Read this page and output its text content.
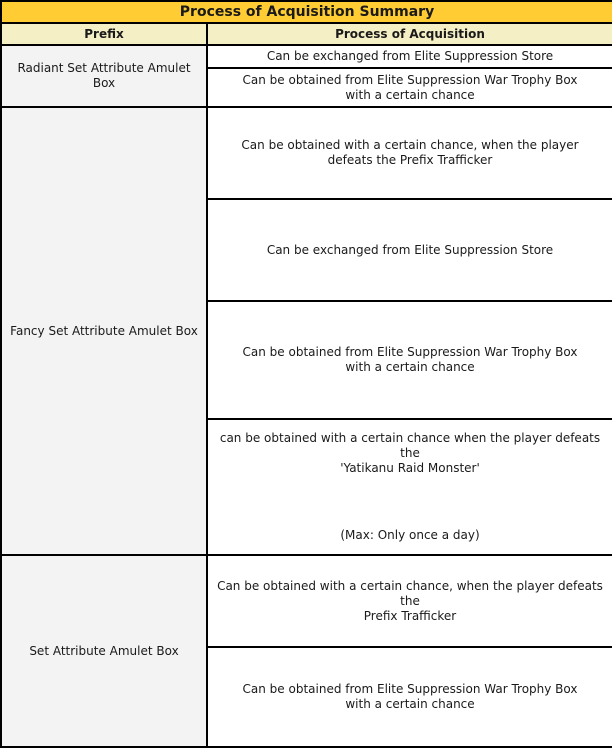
Process of Acquisition Summary	
Prefix	Process of Acquisition
Radiant Set Attribute Amulet Box	Can be exchanged from Elite Suppression Store
	Can be obtained from Elite Suppression War Trophy Box
with a certain chance
Fancy Set Attribute Amulet Box	Can be obtained with a certain chance, when the player
defeats the Prefix Trafficker
	Can be exchanged from Elite Suppression Store
	Can be obtained from Elite Suppression War Trophy Box
with a certain chance
	can be obtained with a certain chance when the player defeats the
'Yatikanu Raid Monster'
(Max: Only once a day)

Set Attribute Amulet Box	Can be obtained with a certain chance, when the player defeats the
Prefix Trafficker
	Can be obtained from Elite Suppression War Trophy Box
with a certain chance
